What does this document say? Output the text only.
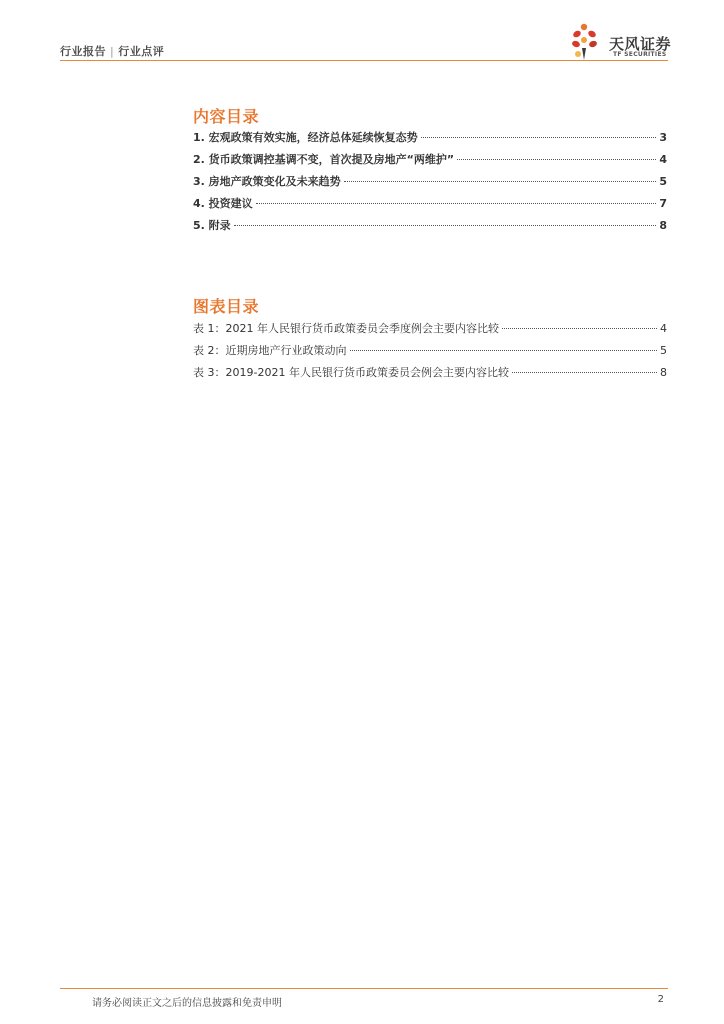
行业报告 | 行业点评	天风证券
TF SECURITIES
内容目录
1. 宏观政策有效实施，经济总体延续恢复态势	3
2. 货币政策调控基调不变，首次提及房地产“两维护”	4
3. 房地产政策变化及未来趋势	5
4. 投资建议	7
5. 附录	8
图表目录
表 1：2021 年人民银行货币政策委员会季度例会主要内容比较	4
表 2：近期房地产行业政策动向	5
表 3：2019-2021 年人民银行货币政策委员会例会主要内容比较	8
请务必阅读正文之后的信息披露和免责申明	2
